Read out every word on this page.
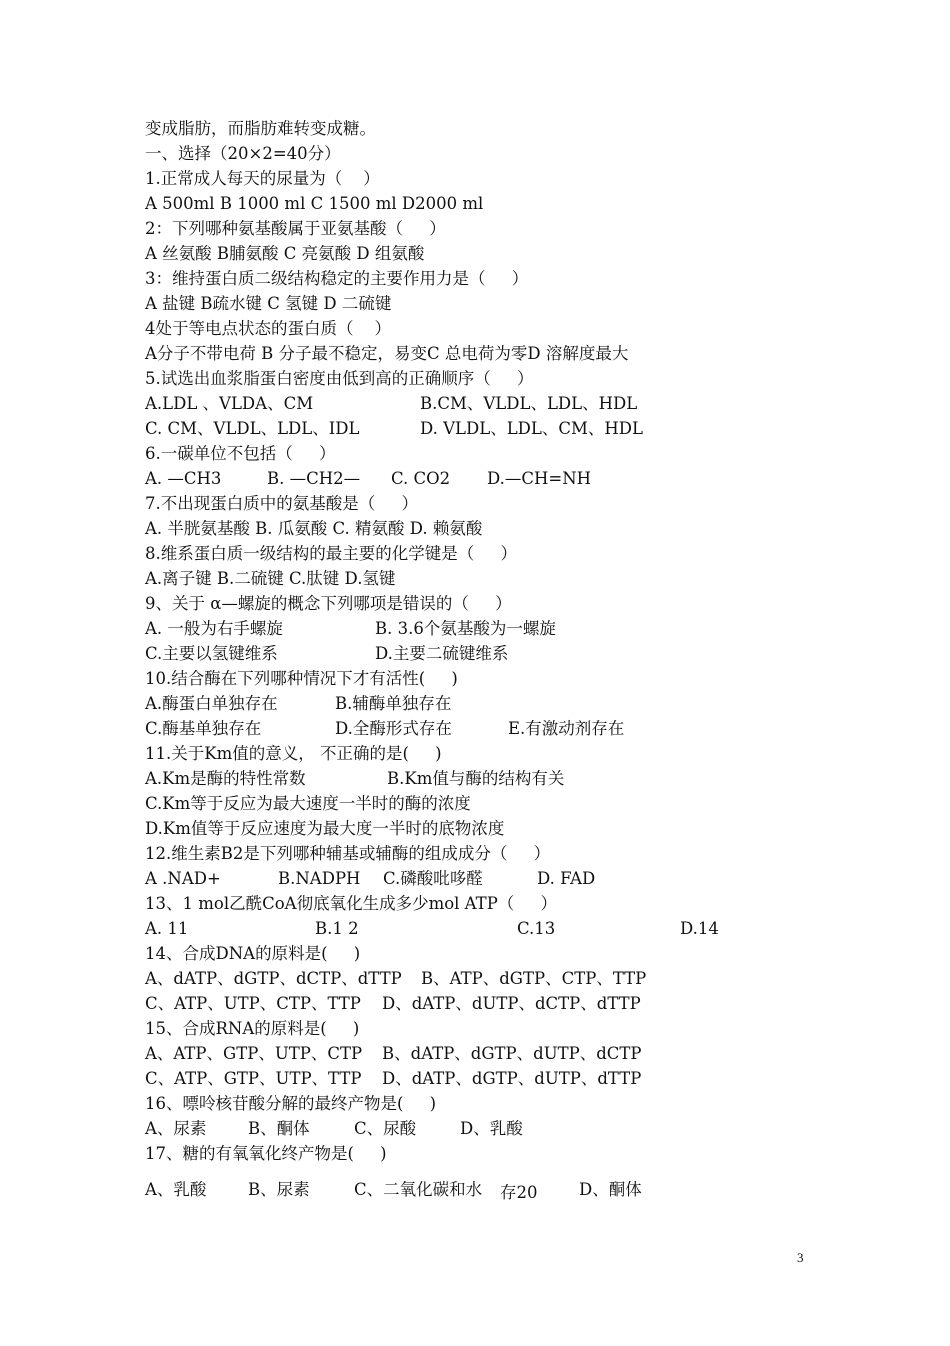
变成脂肪，而脂肪难转变成糖。
一、选择（20×2=40分）
1.正常成人每天的尿量为（    ）
A 500ml B 1000 ml C 1500 ml D2000 ml
2：下列哪种氨基酸属于亚氨基酸（     ）
A 丝氨酸 B脯氨酸 C 亮氨酸 D 组氨酸
3：维持蛋白质二级结构稳定的主要作用力是（     ）
A 盐键 B疏水键 C 氢键 D 二硫键
4处于等电点状态的蛋白质（    ）
A分子不带电荷 B 分子最不稳定，易变C 总电荷为零D 溶解度最大
5.试选出血浆脂蛋白密度由低到高的正确顺序（     ）

A.LDL 、VLDA、CM

	B.CM、VLDL、LDL、HDL

C. CM、VLDL、LDL、IDL

	D. VLDL、LDL、CM、HDL

6.一碳单位不包括（     ）

A. —CH3

	B. —CH2—

C. CO2

D.—CH=NH

7.不出现蛋白质中的氨基酸是（     ）
A. 半胱氨基酸 B. 瓜氨酸 C. 精氨酸 D. 赖氨酸
8.维系蛋白质一级结构的最主要的化学键是（     ）
A.离子键 B.二硫键 C.肽键 D.氢键
9、关于 α—螺旋的概念下列哪项是错误的（     ）

A. 一般为右手螺旋

	B. 3.6个氨基酸为一螺旋

C.主要以氢键维系

	D.主要二硫键维系

10.结合酶在下列哪种情况下才有活性(     )

A.酶蛋白单独存在

	B.辅酶单独存在

C.酶基单独存在

	D.全酶形式存在

	E.有激动剂存在

11.关于Km值的意义， 不正确的是(     )

A.Km是酶的特性常数

	B.Km值与酶的结构有关

C.Km等于反应为最大速度一半时的酶的浓度
D.Km值等于反应速度为最大度一半时的底物浓度
12.维生素B2是下列哪种辅基或辅酶的组成成分（     ）

A .NAD+

	B.NADPH

C.磷酸吡哆醛

	D. FAD

13、1 mol乙酰CoA彻底氧化生成多少mol ATP（     ）

A. 11

	B.1 2

	C.13

	D.14

14、合成DNA的原料是(     )

A、dATP、dGTP、dCTP、dTTP

B、ATP、dGTP、CTP、TTP

C、ATP、UTP、CTP、TTP

D、dATP、dUTP、dCTP、dTTP

15、合成RNA的原料是(     )

A、ATP、GTP、UTP、CTP

B、dATP、dGTP、dUTP、dCTP

C、ATP、GTP、UTP、TTP

D、dATP、dGTP、dUTP、dTTP

16、嘌呤核苷酸分解的最终产物是(     )

A、尿素

	B、酮体

	C、尿酸

	D、乳酸

17、糖的有氧氧化终产物是(     )

A、乳酸

	B、尿素

	C、二氧化碳和水

存20

	D、酮体

3
